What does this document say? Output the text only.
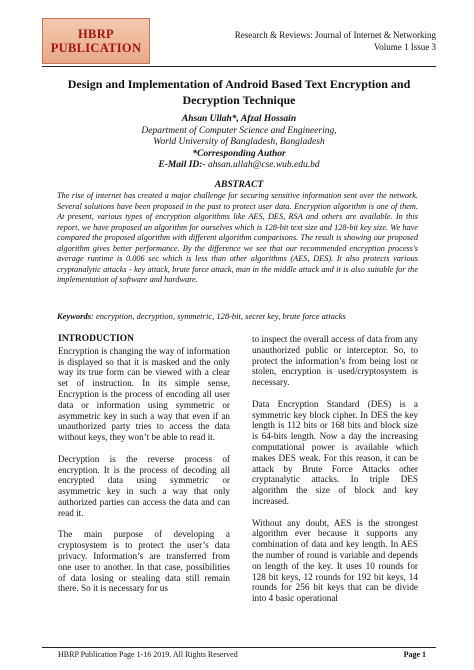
HBRP
PUBLICATION
Research & Reviews: Journal of Internet & Networking
Volume 1 Issue 3
Design and Implementation of Android Based Text Encryption and Decryption Technique
Ahsan Ullah*, Afzal Hossain
Department of Computer Science and Engineering,
World University of Bangladesh, Bangladesh
*Corresponding Author
E-Mail ID:- ahsan.ullah@cse.wub.edu.bd
ABSTRACT
The rise of internet has created a major challenge for securing sensitive information sent over the network. Several solutions have been proposed in the past to protect user data. Encryption algorithm is one of them. At present, various types of encryption algorithms like AES, DES, RSA and others are available. In this report, we have proposed an algorithm for ourselves which is 128-bit text size and 128-bit key size. We have compared the proposed algorithm with different algorithm comparisons. The result is showing our proposed algorithm gives better performance. By the difference we see that our recommended encryption process's average runtime is 0.006 sec which is less than other algorithms (AES, DES). It also protects various cryptanalytic attacks - key attack, brute force attack, man in the middle attack and it is also suitable for the implementation of software and hardware.
Keywords: encryption, decryption, symmetric, 128-bit, secret key, brute force attacks
INTRODUCTION

Encryption is changing the way of information is displayed so that it is masked and the only way its true form can be viewed with a clear set of instruction. In its simple sense, Encryption is the process of encoding all user data or information using symmetric or asymmetric key in such a way that even if an unauthorized party tries to access the data without keys, they won’t be able to read it.

Decryption is the reverse process of encryption. It is the process of decoding all encrypted data using symmetric or asymmetric key in such a way that only authorized parties can access the data and can read it.

The main purpose of developing a cryptosystem is to protect the user’s data privacy. Information’s are transferred from one user to another. In that case, possibilities of data losing or stealing data still remain there. So it is necessary for us

to inspect the overall access of data from any unauthorized public or interceptor. So, to protect the information’s from being lost or stolen, encryption is used/cryptosystem is necessary.

Data Encryption Standard (DES) is a symmetric key block cipher. In DES the key length is 112 bits or 168 bits and block size is 64-bits length. Now a day the increasing computational power is available which makes DES weak. For this reason, it can be attack by Brute Force Attacks other cryptanalytic attacks. In triple DES algorithm the size of block and key increased.

Without any doubt, AES is the strongest algorithm ever because it supports any combination of data and key length. In AES the number of round is variable and depends on length of the key. It uses 10 rounds for 128 bit keys, 12 rounds for 192 bit keys, 14 rounds for 256 bit keys that can be divide into 4 basic operational

HBRP Publication Page 1-16 2019. All Rights Reserved	Page 1
